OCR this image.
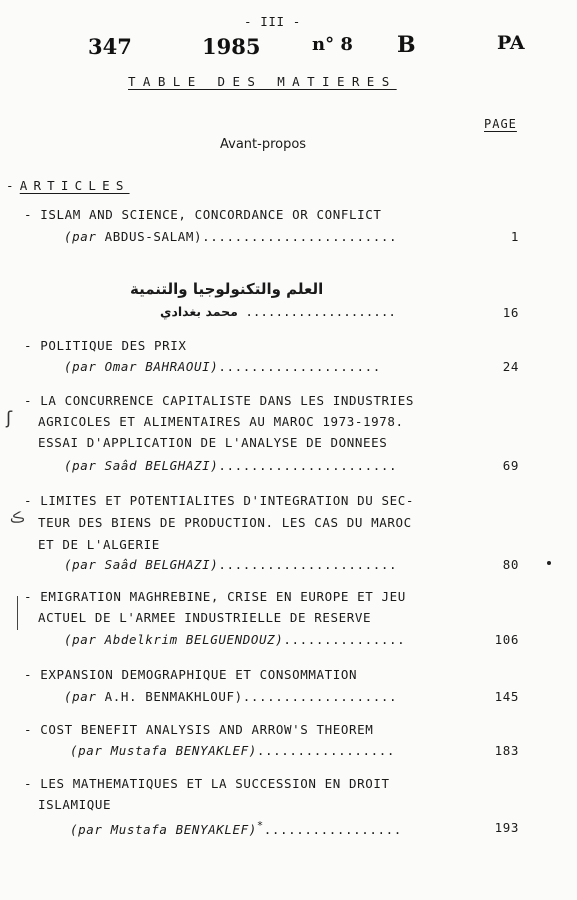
- III -
347	1985	n° 8 B	PA
TABLE DES MATIERES
PAGE
Avant-propos
-ARTICLES
- ISLAM AND SCIENCE, CONCORDANCE OR CONFLICT
(par ABDUS-SALAM)........................	1
العلم والتكنولوجيا والتنمية
محمد بغدادي ....................	16
- POLITIQUE DES PRIX
(par Omar BAHRAOUI)....................	24
- LA CONCURRENCE CAPITALISTE DANS LES INDUSTRIES
AGRICOLES ET ALIMENTAIRES AU MAROC 1973-1978.
ESSAI D'APPLICATION DE L'ANALYSE DE DONNEES
(par Saâd BELGHAZI)......................	69
- LIMITES ET POTENTIALITES D'INTEGRATION DU SEC-
TEUR DES BIENS DE PRODUCTION. LES CAS DU MAROC
ET DE L'ALGERIE
(par Saâd BELGHAZI)......................	80
- EMIGRATION MAGHREBINE, CRISE EN EUROPE ET JEU
ACTUEL DE L'ARMEE INDUSTRIELLE DE RESERVE
(par Abdelkrim BELGUENDOUZ)...............	106
- EXPANSION DEMOGRAPHIQUE ET CONSOMMATION
(par A.H. BENMAKHLOUF)...................	145
- COST BENEFIT ANALYSIS AND ARROW'S THEOREM
(par Mustafa BENYAKLEF).................	183
- LES MATHEMATIQUES ET LA SUCCESSION EN DROIT
ISLAMIQUE
(par Mustafa BENYAKLEF)*.................	193
ʃ
ڪ
